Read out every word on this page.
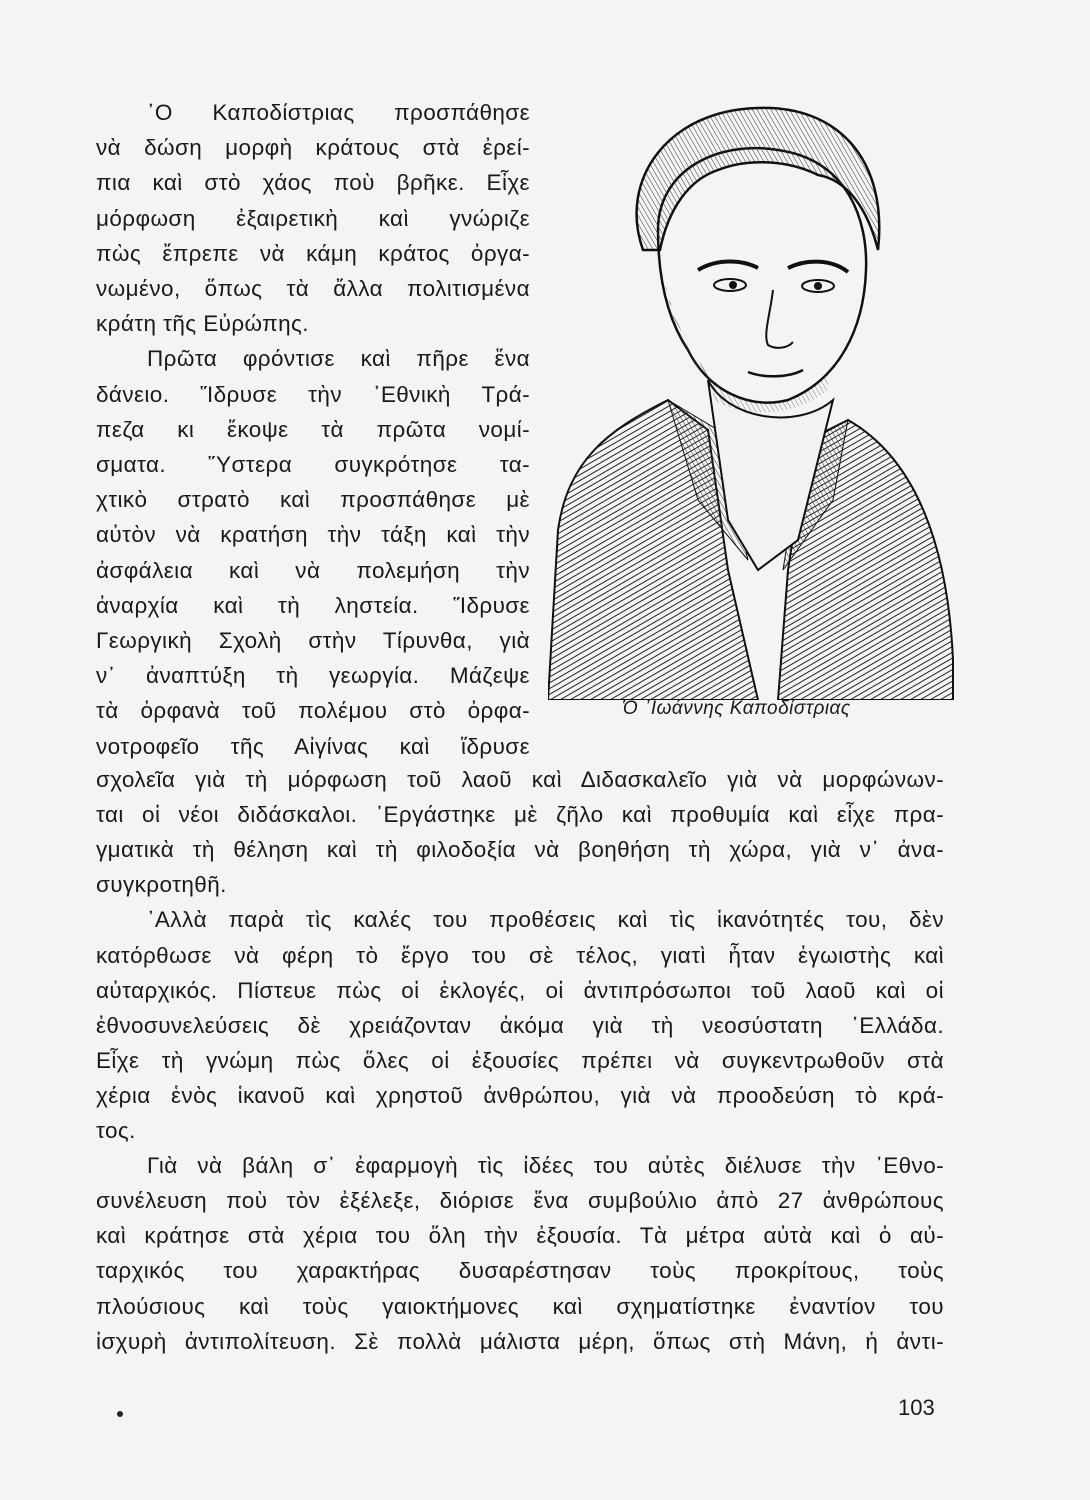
᾿Ο Καποδίστριας προσπάθησε
νὰ δώση μορφὴ κράτους στὰ ἐρεί-
πια καὶ στὸ χάος ποὺ βρῆκε. Εἶχε
μόρφωση ἐξαιρετικὴ καὶ γνώριζε
πὼς ἔπρεπε νὰ κάμη κράτος ὀργα-
νωμένο, ὅπως τὰ ἄλλα πολιτισμένα
κράτη τῆς Εὐρώπης.
Πρῶτα φρόντισε καὶ πῆρε ἕνα
δάνειο. Ἵδρυσε τὴν ᾿Εθνικὴ Τρά-
πεζα κι ἔκοψε τὰ πρῶτα νομί-
σματα. Ὕστερα συγκρότησε τα-
χτικὸ στρατὸ καὶ προσπάθησε μὲ
αὐτὸν νὰ κρατήση τὴν τάξη καὶ τὴν
ἀσφάλεια καὶ νὰ πολεμήση τὴν
ἀναρχία καὶ τὴ ληστεία. Ἵδρυσε
Γεωργικὴ Σχολὴ στὴν Τίρυνθα, γιὰ
ν᾿ ἀναπτύξη τὴ γεωργία. Μάζεψε
τὰ ὀρφανὰ τοῦ πολέμου στὸ ὀρφα-
νοτροφεῖο τῆς Αἰγίνας καὶ ἵδρυσε
σχολεῖα γιὰ τὴ μόρφωση τοῦ λαοῦ καὶ Διδασκαλεῖο γιὰ νὰ μορφώνων-
ται οἱ νέοι διδάσκαλοι. ᾿Εργάστηκε μὲ ζῆλο καὶ προθυμία καὶ εἶχε πρα-
γματικὰ τὴ θέληση καὶ τὴ φιλοδοξία νὰ βοηθήση τὴ χώρα, γιὰ ν᾿ ἀνα-
συγκροτηθῆ.
᾿Αλλὰ παρὰ τὶς καλές του προθέσεις καὶ τὶς ἱκανότητές του, δὲν
κατόρθωσε νὰ φέρη τὸ ἔργο του σὲ τέλος, γιατὶ ἦταν ἐγωιστὴς καὶ
αὐταρχικός. Πίστευε πὼς οἱ ἐκλογές, οἱ ἀντιπρόσωποι τοῦ λαοῦ καὶ οἱ
ἐθνοσυνελεύσεις δὲ χρειάζονταν ἀκόμα γιὰ τὴ νεοσύστατη ῾Ελλάδα.
Εἶχε τὴ γνώμη πὼς ὅλες οἱ ἐξουσίες πρέπει νὰ συγκεντρωθοῦν στὰ
χέρια ἑνὸς ἱκανοῦ καὶ χρηστοῦ ἀνθρώπου, γιὰ νὰ προοδεύση τὸ κρά-
τος.
Γιὰ νὰ βάλη σ᾿ ἐφαρμογὴ τὶς ἰδέες του αὐτὲς διέλυσε τὴν ᾿Εθνο-
συνέλευση ποὺ τὸν ἐξέλεξε, διόρισε ἕνα συμβούλιο ἀπὸ 27 ἀνθρώπους
καὶ κράτησε στὰ χέρια του ὅλη τὴν ἐξουσία. Τὰ μέτρα αὐτὰ καὶ ὁ αὐ-
ταρχικός του χαρακτήρας δυσαρέστησαν τοὺς προκρίτους, τοὺς
πλούσιους καὶ τοὺς γαιοκτήμονες καὶ σχηματίστηκε ἐναντίον του
ἰσχυρὴ ἀντιπολίτευση. Σὲ πολλὰ μάλιστα μέρη, ὅπως στὴ Μάνη, ἡ ἀντι-
Ὁ ᾿Ιωάννης Καποδίστριας
103
